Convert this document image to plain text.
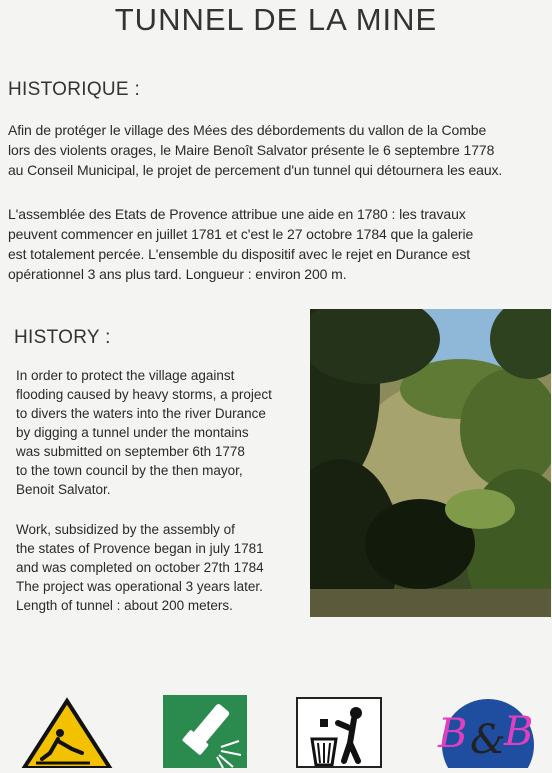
TUNNEL DE LA MINE
HISTORIQUE :

Afin de protéger le village des Mées des débordements du vallon de la Combe
lors des violents orages, le Maire Benoît Salvator présente le 6 septembre 1778
au Conseil Municipal, le projet de percement d'un tunnel qui détournera les eaux.

L'assemblée des Etats de Provence attribue une aide en 1780 : les travaux
peuvent commencer en juillet 1781 et c'est le 27 octobre 1784 que la galerie
est totalement percée. L'ensemble du dispositif avec le rejet en Durance est
opérationnel 3 ans plus tard. Longueur : environ 200 m.

HISTORY :

In order to protect the village against
flooding caused by heavy storms, a project
to divers the waters into the river Durance
by digging a tunnel under the montains
was submitted on september 6th 1778
to the town council by the then mayor,
Benoit Salvator.

Work, subsidized by the assembly of
the states of Provence began in july 1781
and was completed on october 27th 1784
The project was operational 3 years later.
Length of tunnel : about 200 meters.

B &
B
